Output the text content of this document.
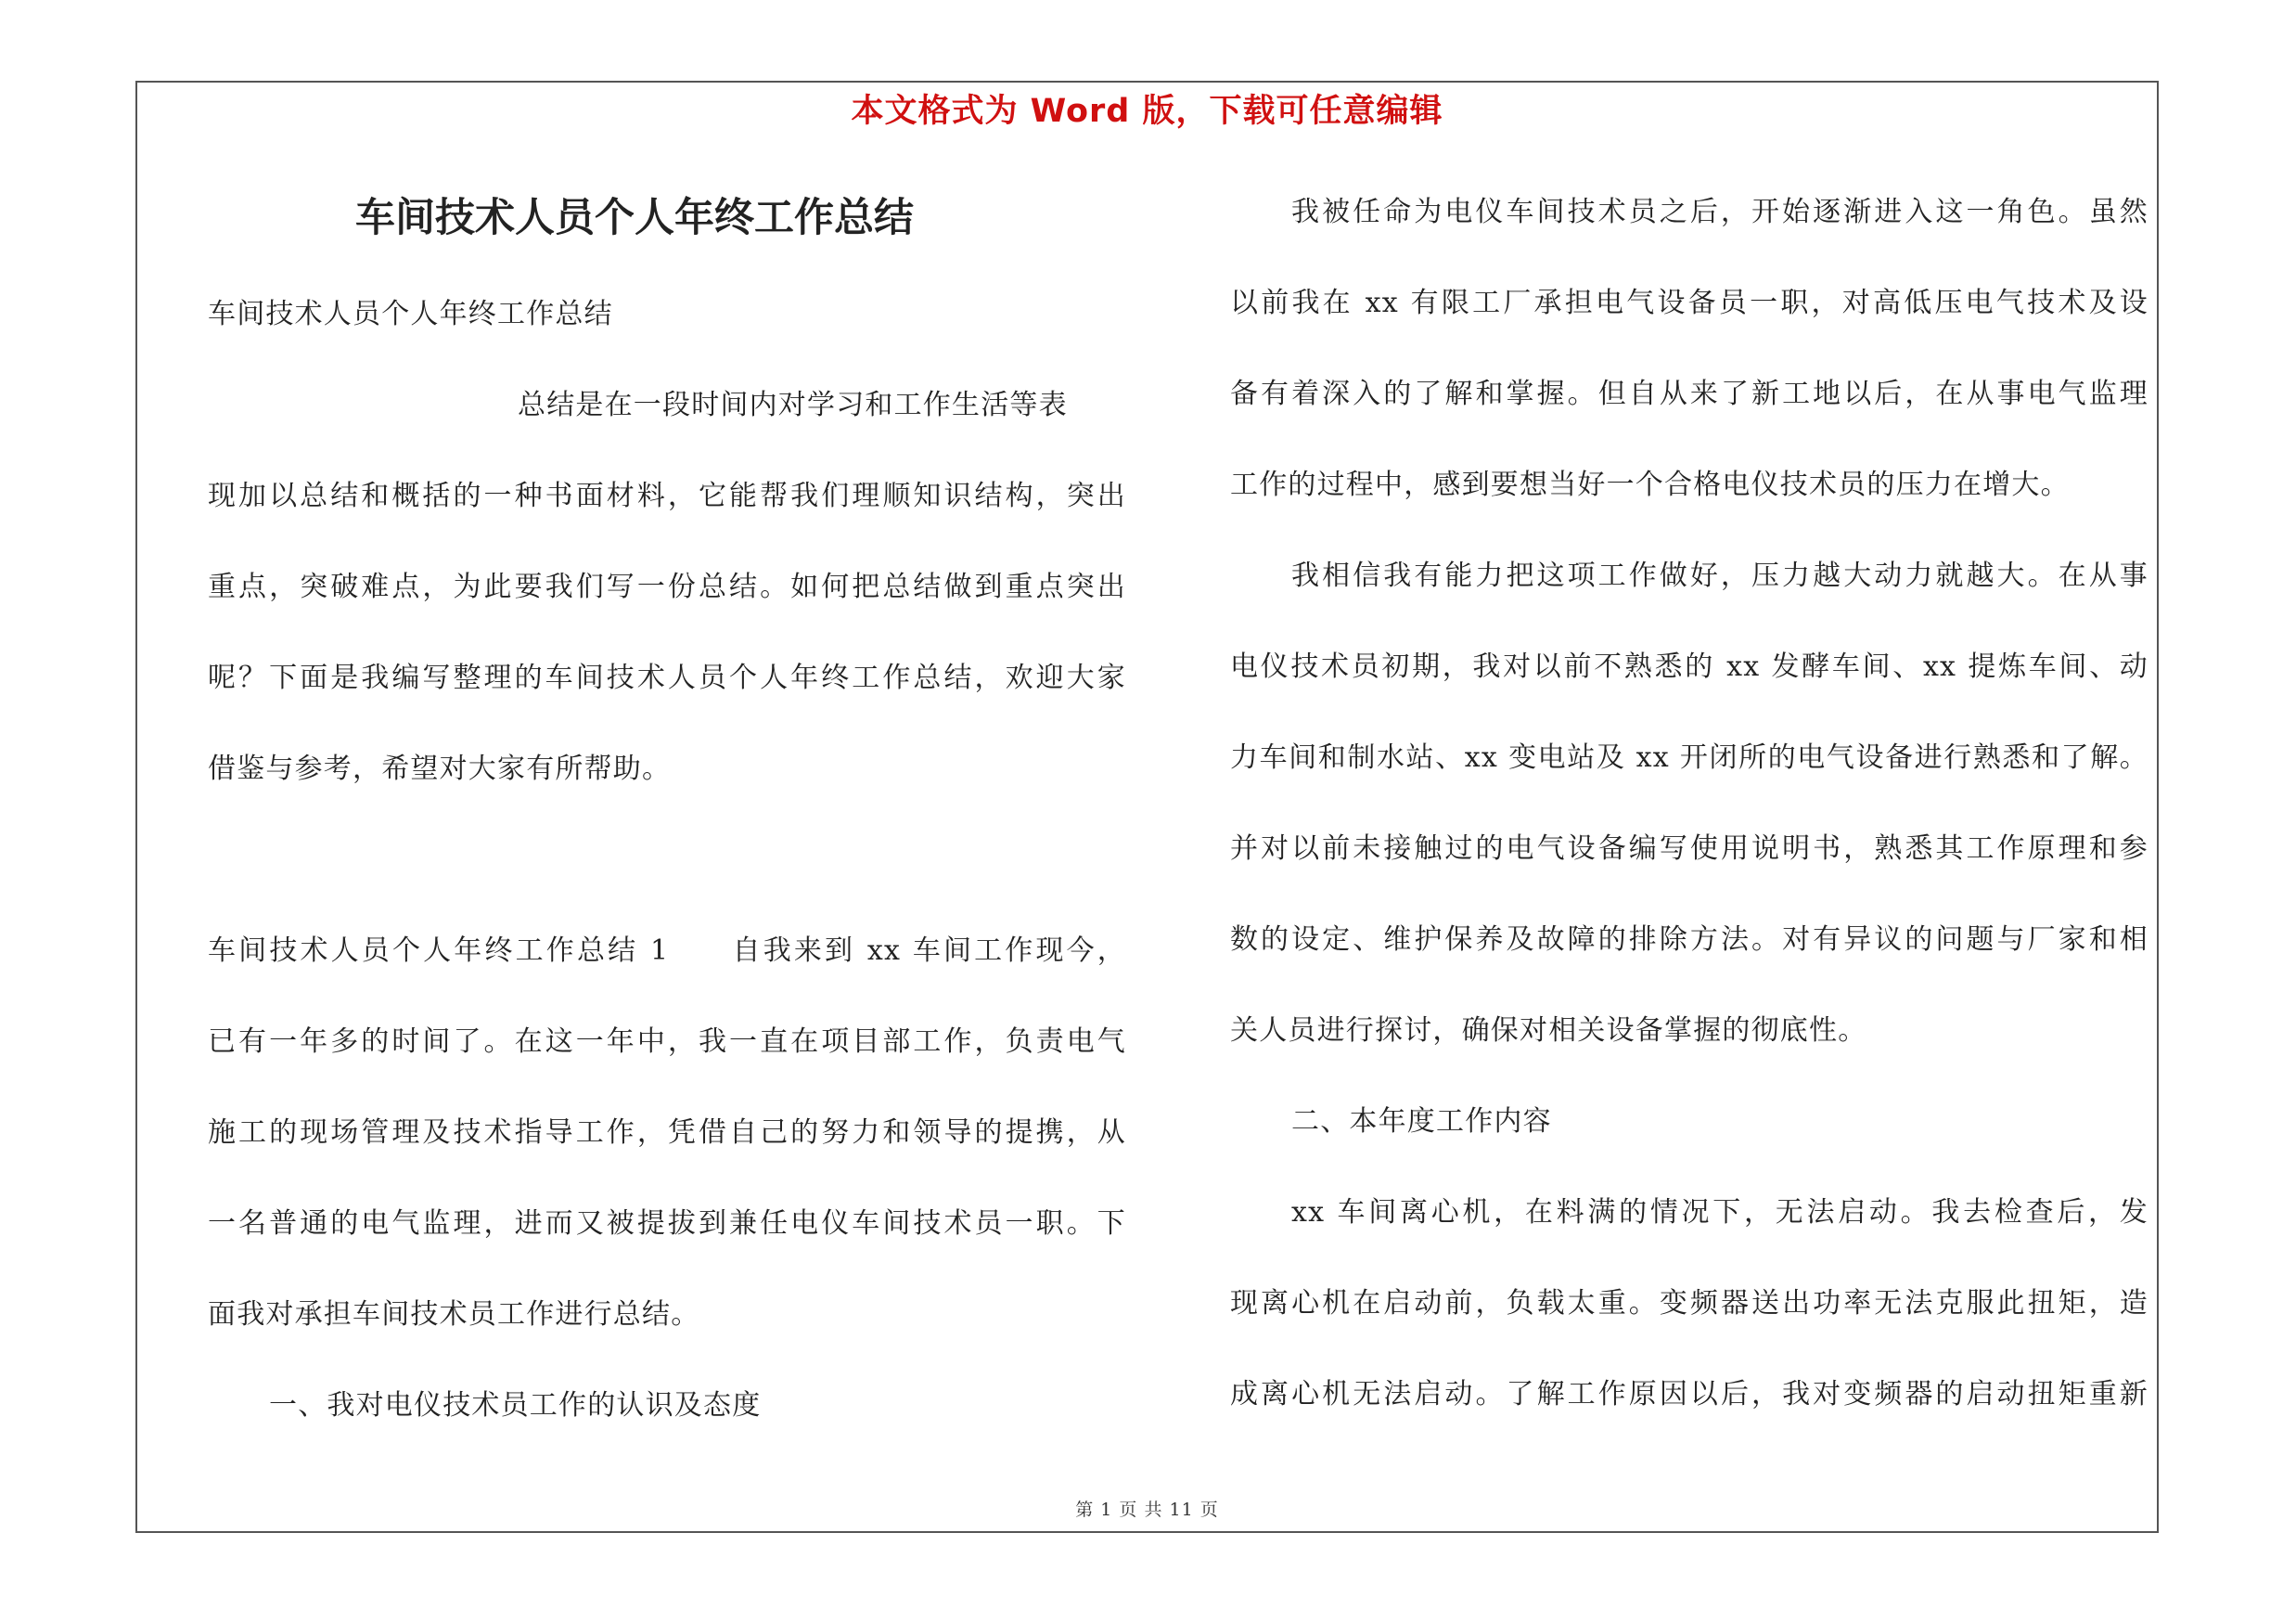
本文格式为 Word 版，下载可任意编辑
车间技术人员个人年终工作总结
车间技术人员个人年终工作总结
总结是在一段时间内对学习和工作生活等表
现加以总结和概括的一种书面材料，它能帮我们理顺知识结构，突出
重点，突破难点，为此要我们写一份总结。如何把总结做到重点突出
呢？下面是我编写整理的车间技术人员个人年终工作总结，欢迎大家
借鉴与参考，希望对大家有所帮助。
车间技术人员个人年终工作总结 1　　自我来到 xx 车间工作现今，
已有一年多的时间了。在这一年中，我一直在项目部工作，负责电气
施工的现场管理及技术指导工作，凭借自己的努力和领导的提携，从
一名普通的电气监理，进而又被提拔到兼任电仪车间技术员一职。下
面我对承担车间技术员工作进行总结。
一、我对电仪技术员工作的认识及态度
我被任命为电仪车间技术员之后，开始逐渐进入这一角色。虽然
以前我在 xx 有限工厂承担电气设备员一职，对高低压电气技术及设
备有着深入的了解和掌握。但自从来了新工地以后，在从事电气监理
工作的过程中，感到要想当好一个合格电仪技术员的压力在增大。
我相信我有能力把这项工作做好，压力越大动力就越大。在从事
电仪技术员初期，我对以前不熟悉的 xx 发酵车间、xx 提炼车间、动
力车间和制水站、xx 变电站及 xx 开闭所的电气设备进行熟悉和了解。
并对以前未接触过的电气设备编写使用说明书，熟悉其工作原理和参
数的设定、维护保养及故障的排除方法。对有异议的问题与厂家和相
关人员进行探讨，确保对相关设备掌握的彻底性。
二、本年度工作内容
xx 车间离心机，在料满的情况下，无法启动。我去检查后，发
现离心机在启动前，负载太重。变频器送出功率无法克服此扭矩，造
成离心机无法启动。了解工作原因以后，我对变频器的启动扭矩重新
第 1 页 共 11 页
